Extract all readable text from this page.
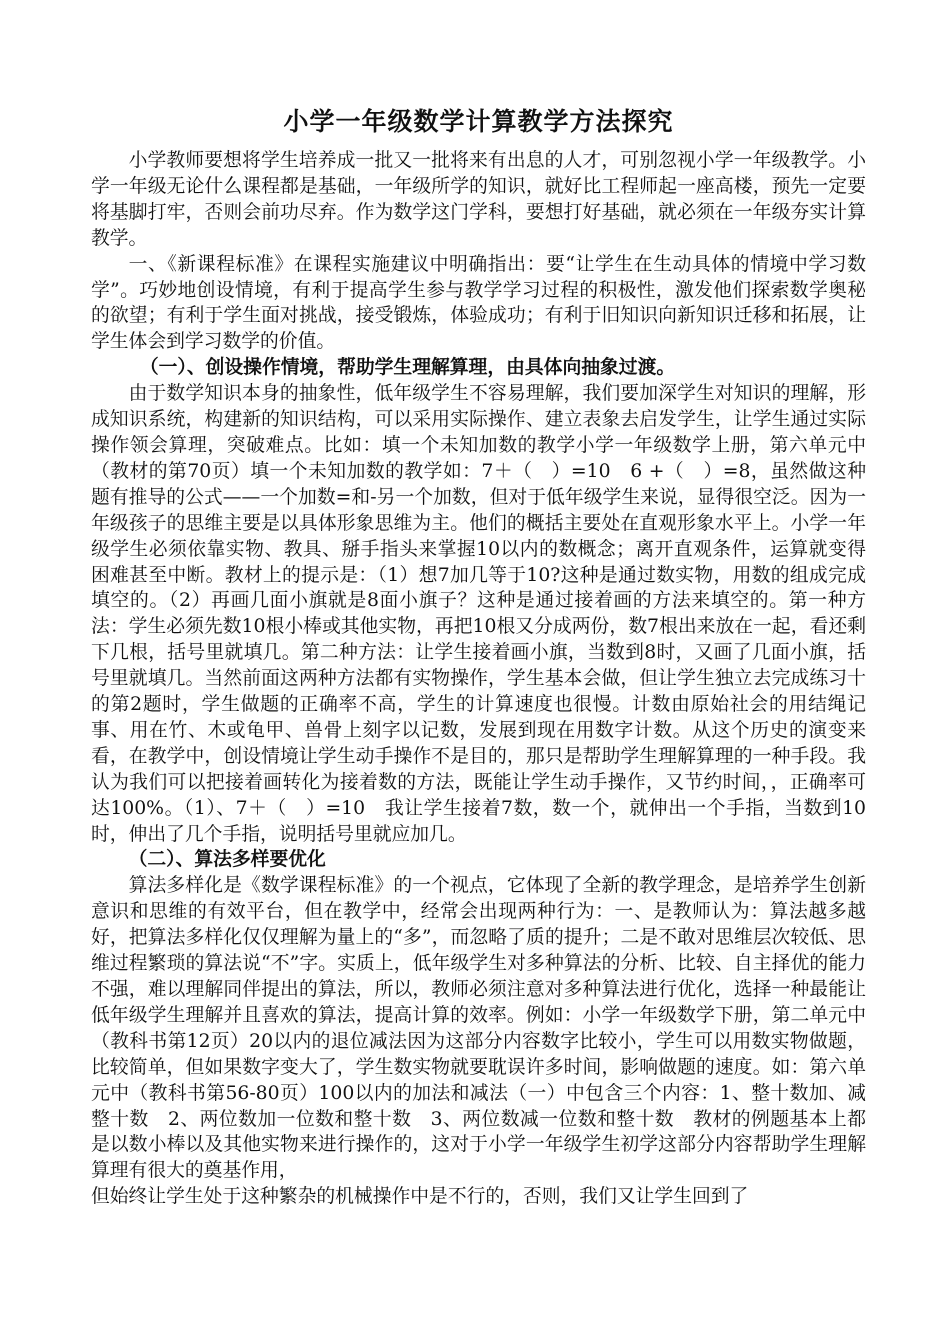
小学一年级数学计算教学方法探究

小学教师要想将学生培养成一批又一批将来有出息的人才，可别忽视小学一年级教学。小学一年级无论什么课程都是基础，一年级所学的知识，就好比工程师起一座高楼，预先一定要将基脚打牢，否则会前功尽弃。作为数学这门学科，要想打好基础，就必须在一年级夯实计算教学。

一、《新课程标准》在课程实施建议中明确指出：要“让学生在生动具体的情境中学习数学”。巧妙地创设情境，有利于提高学生参与教学学习过程的积极性，激发他们探索数学奥秘的欲望；有利于学生面对挑战，接受锻炼，体验成功；有利于旧知识向新知识迁移和拓展，让学生体会到学习数学的价值。

（一）、创设操作情境，帮助学生理解算理，由具体向抽象过渡。

由于数学知识本身的抽象性，低年级学生不容易理解，我们要加深学生对知识的理解，形成知识系统，构建新的知识结构，可以采用实际操作、建立表象去启发学生，让学生通过实际操作领会算理，突破难点。比如：填一个未知加数的教学小学一年级数学上册，第六单元中（教材的第70页）填一个未知加数的教学如：7＋（　）=10　6 +（　）=8，虽然做这种题有推导的公式——一个加数=和-另一个加数，但对于低年级学生来说，显得很空泛。因为一年级孩子的思维主要是以具体形象思维为主。他们的概括主要处在直观形象水平上。小学一年级学生必须依靠实物、教具、掰手指头来掌握10以内的数概念；离开直观条件，运算就变得困难甚至中断。教材上的提示是：（1）想7加几等于10?这种是通过数实物，用数的组成完成填空的。（2）再画几面小旗就是8面小旗子？这种是通过接着画的方法来填空的。第一种方法：学生必须先数10根小棒或其他实物，再把10根又分成两份，数7根出来放在一起，看还剩下几根，括号里就填几。第二种方法：让学生接着画小旗，当数到8时，又画了几面小旗，括号里就填几。当然前面这两种方法都有实物操作，学生基本会做，但让学生独立去完成练习十的第2题时，学生做题的正确率不高，学生的计算速度也很慢。计数由原始社会的用结绳记事、用在竹、木或龟甲、兽骨上刻字以记数，发展到现在用数字计数。从这个历史的演变来看，在教学中，创设情境让学生动手操作不是目的，那只是帮助学生理解算理的一种手段。我认为我们可以把接着画转化为接着数的方法，既能让学生动手操作，又节约时间，，正确率可达100%。（1）、7＋（　）=10　我让学生接着7数，数一个，就伸出一个手指，当数到10时，伸出了几个手指，说明括号里就应加几。

（二）、算法多样要优化

算法多样化是《数学课程标准》的一个视点，它体现了全新的教学理念，是培养学生创新意识和思维的有效平台，但在教学中，经常会出现两种行为：一、是教师认为：算法越多越好，把算法多样化仅仅理解为量上的“多”，而忽略了质的提升；二是不敢对思维层次较低、思维过程繁琐的算法说“不”字。实质上，低年级学生对多种算法的分析、比较、自主择优的能力不强，难以理解同伴提出的算法，所以，教师必须注意对多种算法进行优化，选择一种最能让低年级学生理解并且喜欢的算法，提高计算的效率。例如：小学一年级数学下册，第二单元中（教科书第12页）20以内的退位减法因为这部分内容数字比较小，学生可以用数实物做题，比较简单，但如果数字变大了，学生数实物就要耽误许多时间，影响做题的速度。如：第六单元中（教科书第56-80页）100以内的加法和减法（一）中包含三个内容：1、整十数加、减整十数　2、两位数加一位数和整十数　3、两位数减一位数和整十数　教材的例题基本上都是以数小棒以及其他实物来进行操作的，这对于小学一年级学生初学这部分内容帮助学生理解算理有很大的奠基作用，

但始终让学生处于这种繁杂的机械操作中是不行的，否则，我们又让学生回到了
